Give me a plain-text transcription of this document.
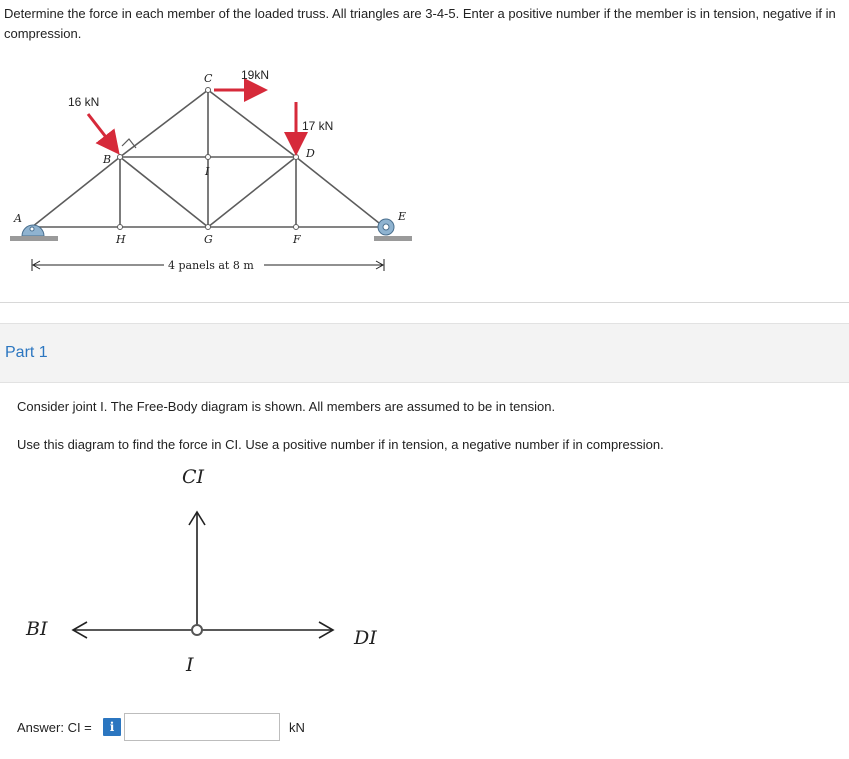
Determine the force in each member of the loaded truss. All triangles are 3-4-5. Enter a positive number if the member is in tension, negative if in compression.
16 kN
19kN
17 kN
A
B
C
D
E
F
G
H
I
4 panels at 8 m
Part 1
Consider joint I. The Free-Body diagram is shown. All members are assumed to be in tension.
Use this diagram to find the force in CI. Use a positive number if in tension, a negative number if in compression.
CI
BI	DI
I
Answer: CI =	i	kN
